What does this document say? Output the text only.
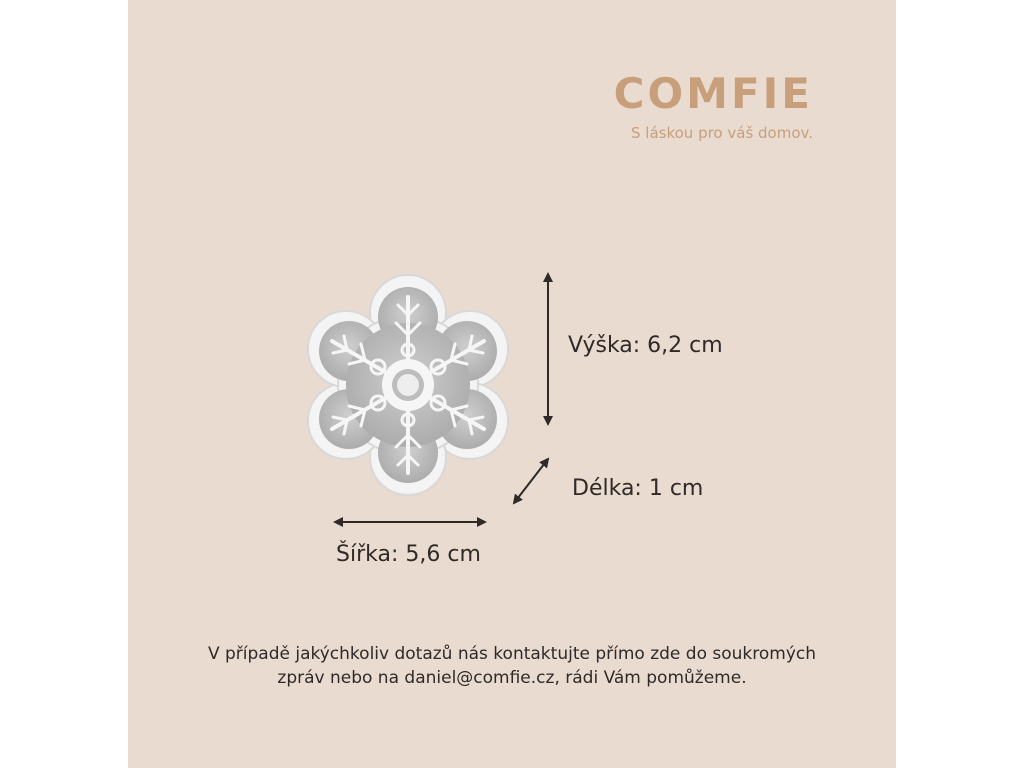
COMFIE
S láskou pro váš domov.
Výška: 6,2 cm
Délka: 1 cm
Šířka: 5,6 cm
V případě jakýchkoliv dotazů nás kontaktujte přímo zde do soukromých zpráv nebo na daniel@comfie.cz, rádi Vám pomůžeme.
